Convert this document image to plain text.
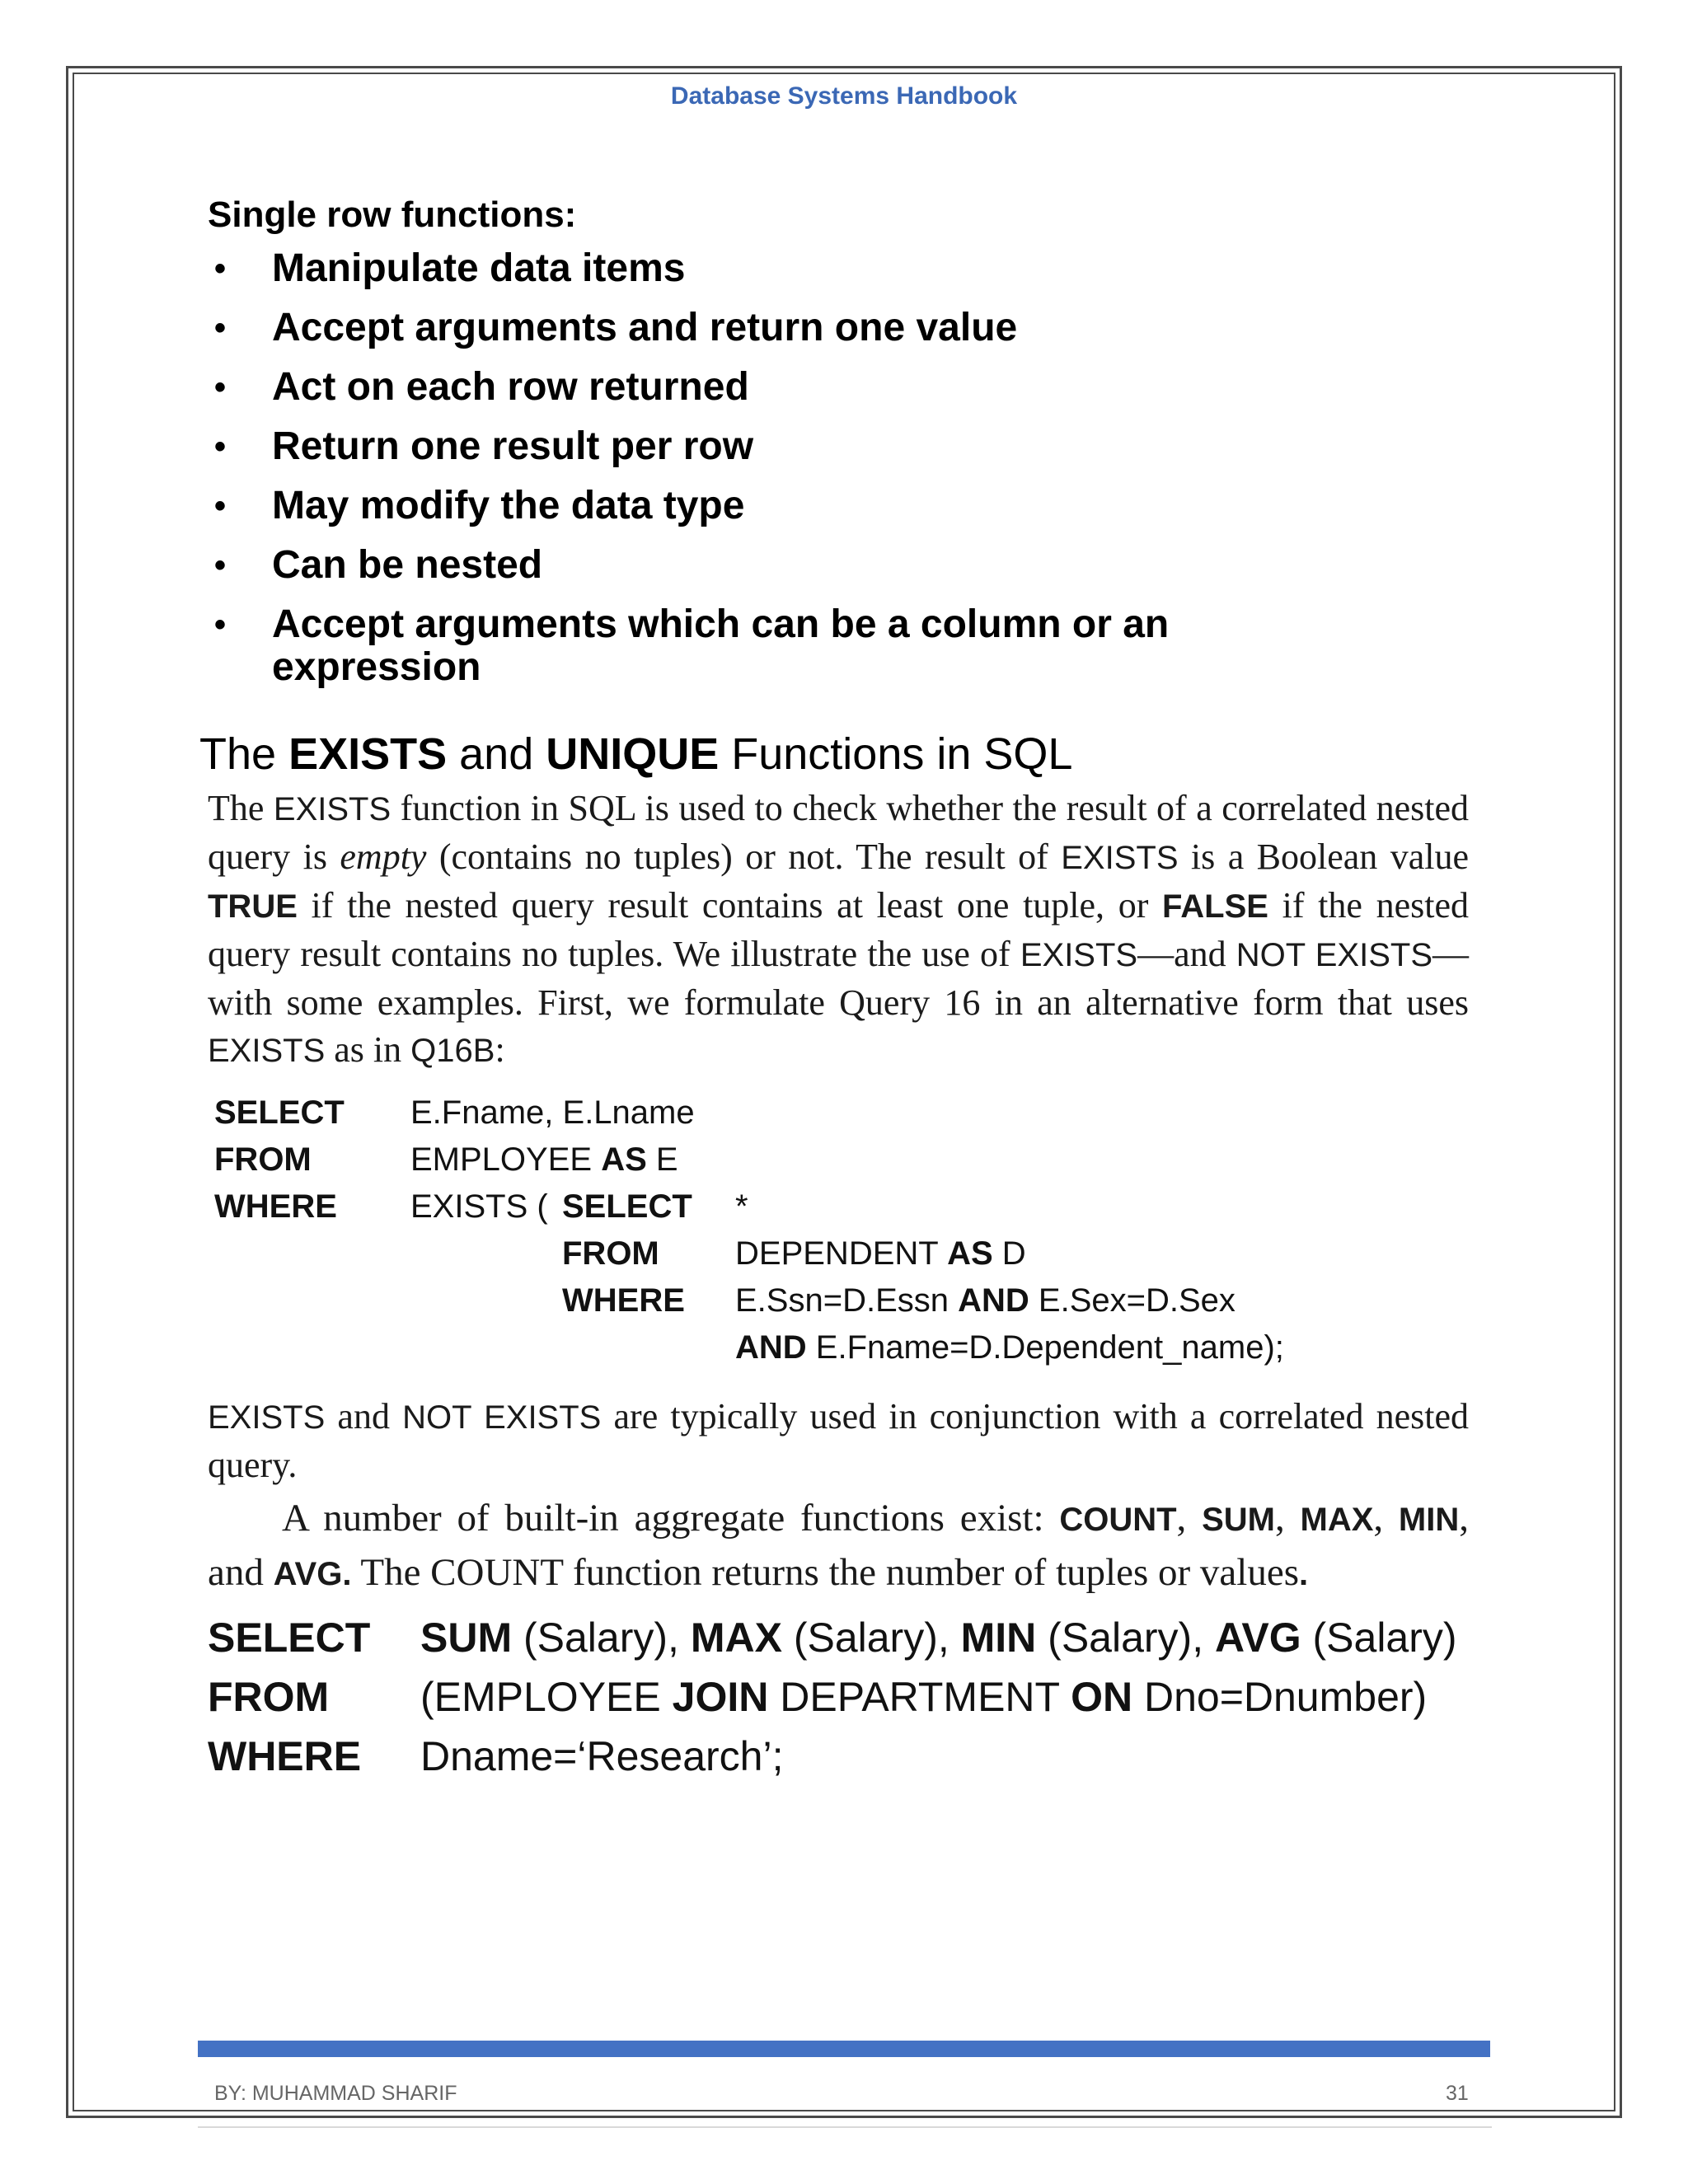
Database Systems Handbook
Single row functions:
• Manipulate data items
• Accept arguments and return one value
• Act on each row returned
• Return one result per row
• May modify the data type
• Can be nested
• Accept arguments which can be a column or an expression
The EXISTS and UNIQUE Functions in SQL

The EXISTS function in SQL is used to check whether the result of a correlated nested query is empty (contains no tuples) or not. The result of EXISTS is a Boolean value TRUE if the nested query result contains at least one tuple, or FALSE if the nested query result contains no tuples. We illustrate the use of EXISTS—and NOT EXISTS—with some examples. First, we formulate Query 16 in an alternative form that uses EXISTS as in Q16B:

SELECT E.Fname, E.Lname
FROM	EMPLOYEE AS E
WHERE EXISTS ( SELECT *
FROM DEPENDENT AS D
WHERE E.Ssn=D.Essn AND E.Sex=D.Sex
AND E.Fname=D.Dependent_name);

EXISTS and NOT EXISTS are typically used in conjunction with a correlated nested query.

A number of built-in aggregate functions exist: COUNT, SUM, MAX, MIN, and AVG. The COUNT function returns the number of tuples or values.

SELECT SUM (Salary), MAX (Salary), MIN (Salary), AVG (Salary)
FROM (EMPLOYEE JOIN DEPARTMENT ON Dno=Dnumber)
WHERE Dname=‘Research’;
BY: MUHAMMAD SHARIF	31
